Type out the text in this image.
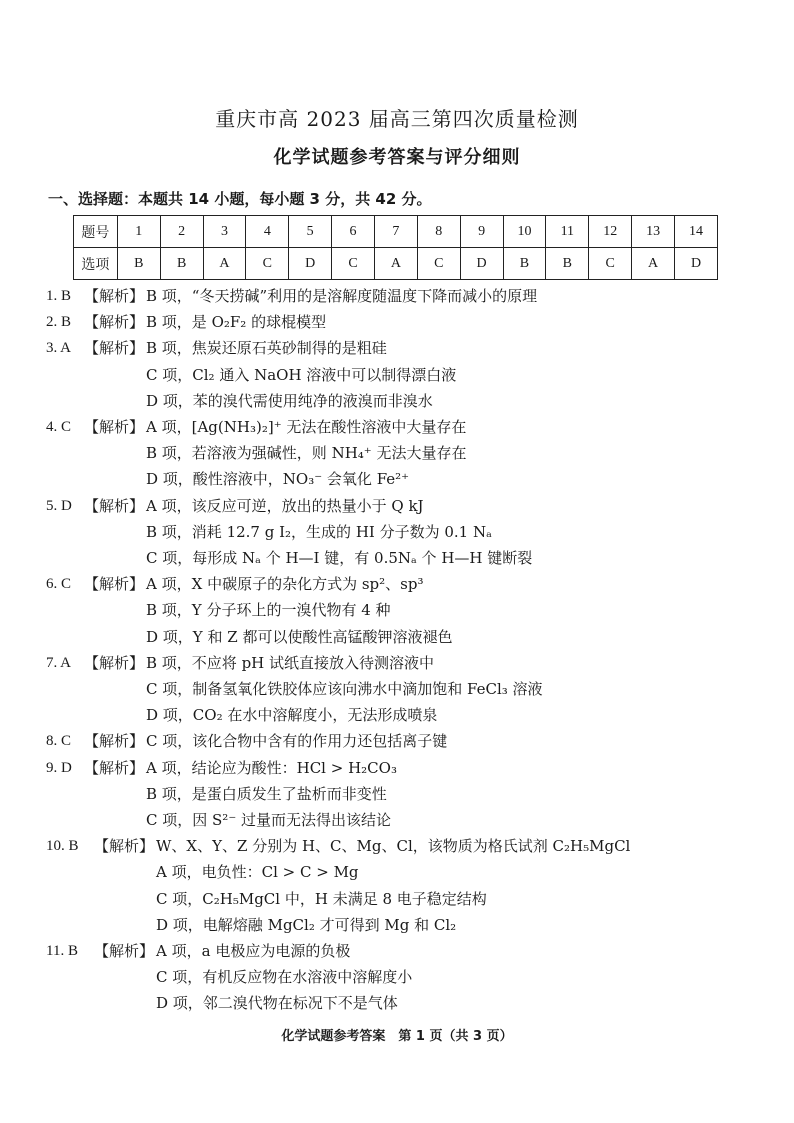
重庆市高 2023 届高三第四次质量检测
化学试题参考答案与评分细则
一、选择题：本题共 14 小题，每小题 3 分，共 42 分。
题号	1	2	3	4	5	6	7	8	9	10	11	12	13	14
选项	B	B	A	C	D	C	A	C	D	B	B	C	A	D
1. B 【解析】 B 项，“冬天捞碱”利用的是溶解度随温度下降而减小的原理
2. B 【解析】 B 项，是 O₂F₂ 的球棍模型
3. A 【解析】 B 项，焦炭还原石英砂制得的是粗硅
C 项，Cl₂ 通入 NaOH 溶液中可以制得漂白液
D 项，苯的溴代需使用纯净的液溴而非溴水
4. C 【解析】 A 项，[Ag(NH₃)₂]⁺ 无法在酸性溶液中大量存在
B 项，若溶液为强碱性，则 NH₄⁺ 无法大量存在
D 项，酸性溶液中，NO₃⁻ 会氧化 Fe²⁺
5. D 【解析】 A 项，该反应可逆，放出的热量小于 Q kJ
B 项，消耗 12.7 g I₂，生成的 HI 分子数为 0.1 Nₐ
C 项，每形成 Nₐ 个 H—I 键，有 0.5Nₐ 个 H—H 键断裂
6. C 【解析】 A 项，X 中碳原子的杂化方式为 sp²、sp³
B 项，Y 分子环上的一溴代物有 4 种
D 项，Y 和 Z 都可以使酸性高锰酸钾溶液褪色
7. A 【解析】 B 项，不应将 pH 试纸直接放入待测溶液中
C 项，制备氢氧化铁胶体应该向沸水中滴加饱和 FeCl₃ 溶液
D 项，CO₂ 在水中溶解度小，无法形成喷泉
8. C 【解析】 C 项，该化合物中含有的作用力还包括离子键
9. D 【解析】 A 项，结论应为酸性：HCl > H₂CO₃
B 项，是蛋白质发生了盐析而非变性
C 项，因 S²⁻ 过量而无法得出该结论
10. B	【解析】 W、X、Y、Z 分别为 H、C、Mg、Cl，该物质为格氏试剂 C₂H₅MgCl
A 项，电负性：Cl > C > Mg
C 项，C₂H₅MgCl 中，H 未满足 8 电子稳定结构
D 项，电解熔融 MgCl₂ 才可得到 Mg 和 Cl₂
11. B	【解析】 A 项，a 电极应为电源的负极
C 项，有机反应物在水溶液中溶解度小
D 项，邻二溴代物在标况下不是气体
化学试题参考答案　第 1 页（共 3 页）
